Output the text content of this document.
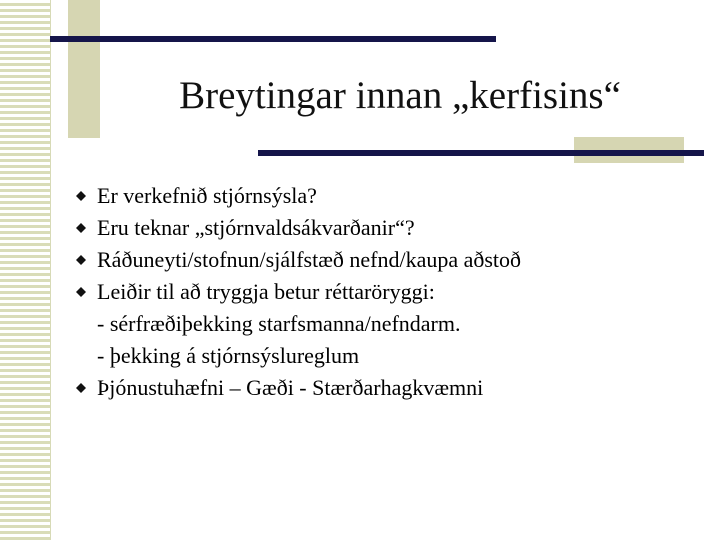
Breytingar innan „kerfisins“
Er verkefnið stjórnsýsla?
Eru teknar „stjórnvaldsákvarðanir“?
Ráðuneyti/stofnun/sjálfstæð nefnd/kaupa aðstoð
Leiðir til að tryggja betur réttaröryggi:
- sérfræðiþekking starfsmanna/nefndarm.
- þekking á stjórnsýslureglum
Þjónustuhæfni – Gæði - Stærðarhagkvæmni
